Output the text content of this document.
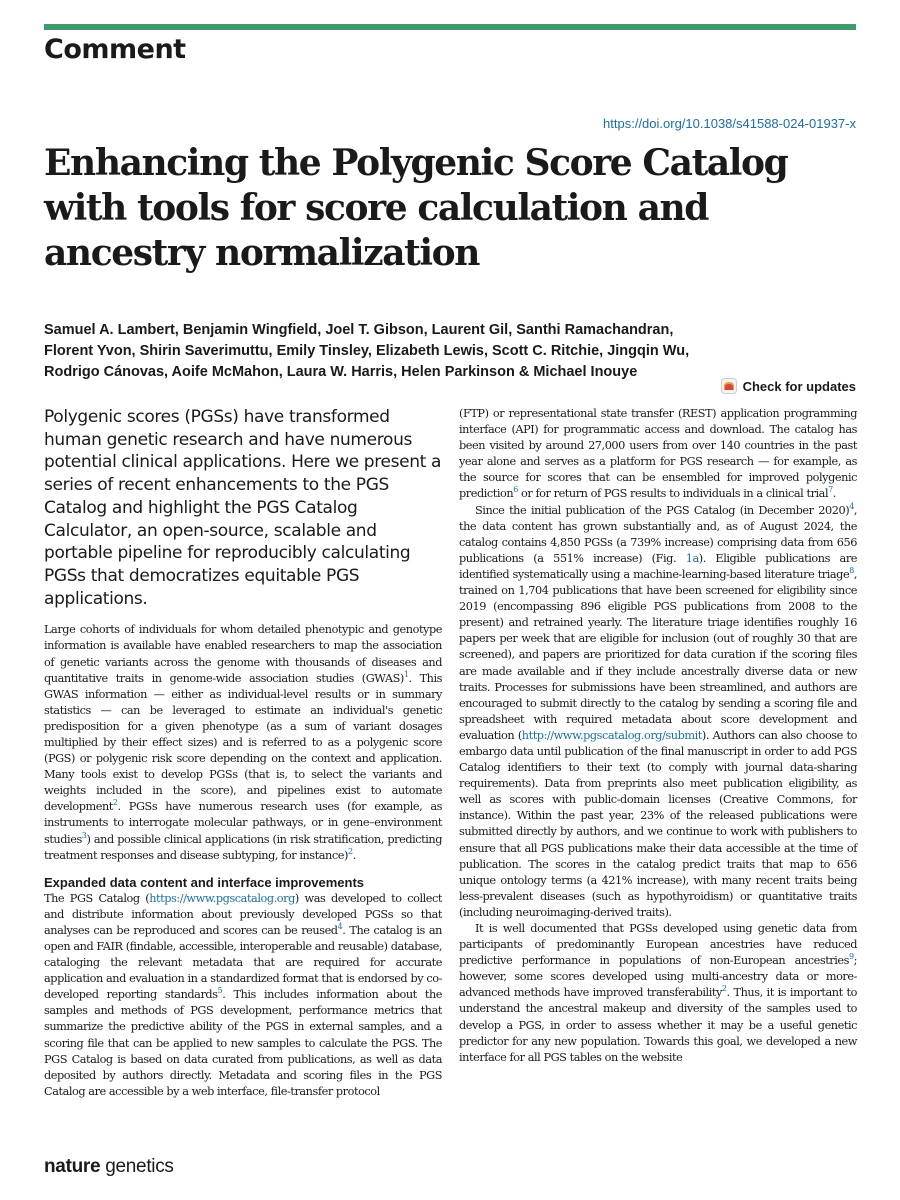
Comment
https://doi.org/10.1038/s41588-024-01937-x
Enhancing the Polygenic Score Catalog with tools for score calculation and ancestry normalization
Samuel A. Lambert, Benjamin Wingfield, Joel T. Gibson, Laurent Gil, Santhi Ramachandran, Florent Yvon, Shirin Saverimuttu, Emily Tinsley, Elizabeth Lewis, Scott C. Ritchie, Jingqin Wu, Rodrigo Cánovas, Aoife McMahon, Laura W. Harris, Helen Parkinson & Michael Inouye
Check for updates

Polygenic scores (PGSs) have transformed human genetic research and have numerous potential clinical applications. Here we present a series of recent enhancements to the PGS Catalog and highlight the PGS Catalog Calculator, an open-source, scalable and portable pipeline for reproducibly calculating PGSs that democratizes equitable PGS applications.

Large cohorts of individuals for whom detailed phenotypic and genotype information is available have enabled researchers to map the association of genetic variants across the genome with thousands of diseases and quantitative traits in genome-wide association studies (GWAS)$^1$. This GWAS information — either as individual-level results or in summary statistics — can be leveraged to estimate an individual's genetic predisposition for a given phenotype (as a sum of variant dosages multiplied by their effect sizes) and is referred to as a polygenic score (PGS) or polygenic risk score depending on the context and application. Many tools exist to develop PGSs (that is, to select the variants and weights included in the score), and pipelines exist to automate development$^2$. PGSs have numerous research uses (for example, as instruments to interrogate molecular pathways, or in gene–environment studies$^3$) and possible clinical applications (in risk stratification, predicting treatment responses and disease subtyping, for instance)$^2$.

Expanded data content and interface improvements

The PGS Catalog (https://www.pgscatalog.org) was developed to collect and distribute information about previously developed PGSs so that analyses can be reproduced and scores can be reused$^4$. The catalog is an open and FAIR (findable, accessible, interoperable and reusable) database, cataloging the relevant metadata that are required for accurate application and evaluation in a standardized format that is endorsed by co-developed reporting standards$^5$. This includes information about the samples and methods of PGS development, performance metrics that summarize the predictive ability of the PGS in external samples, and a scoring file that can be applied to new samples to calculate the PGS. The PGS Catalog is based on data curated from publications, as well as data deposited by authors directly. Metadata and scoring files in the PGS Catalog are accessible by a web interface, file-transfer protocol

(FTP) or representational state transfer (REST) application programming interface (API) for programmatic access and download. The catalog has been visited by around 27,000 users from over 140 countries in the past year alone and serves as a platform for PGS research — for example, as the source for scores that can be ensembled for improved polygenic prediction$^6$ or for return of PGS results to individuals in a clinical trial$^7$.

Since the initial publication of the PGS Catalog (in December 2020)$^4$, the data content has grown substantially and, as of August 2024, the catalog contains 4,850 PGSs (a 739% increase) comprising data from 656 publications (a 551% increase) (Fig. 1a). Eligible publications are identified systematically using a machine-learning-based literature triage$^8$, trained on 1,704 publications that have been screened for eligibility since 2019 (encompassing 896 eligible PGS publications from 2008 to the present) and retrained yearly. The literature triage identifies roughly 16 papers per week that are eligible for inclusion (out of roughly 30 that are screened), and papers are prioritized for data curation if the scoring files are made available and if they include ancestrally diverse data or new traits. Processes for submissions have been streamlined, and authors are encouraged to submit directly to the catalog by sending a scoring file and spreadsheet with required metadata about score development and evaluation (http://www.pgscatalog.org/submit). Authors can also choose to embargo data until publication of the final manuscript in order to add PGS Catalog identifiers to their text (to comply with journal data-sharing requirements). Data from preprints also meet publication eligibility, as well as scores with public-domain licenses (Creative Commons, for instance). Within the past year, 23% of the released publications were submitted directly by authors, and we continue to work with publishers to ensure that all PGS publications make their data accessible at the time of publication. The scores in the catalog predict traits that map to 656 unique ontology terms (a 421% increase), with many recent traits being less-prevalent diseases (such as hypothyroidism) or quantitative traits (including neuroimaging-derived traits).

It is well documented that PGSs developed using genetic data from participants of predominantly European ancestries have reduced predictive performance in populations of non-European ancestries$^9$; however, some scores developed using multi-ancestry data or more-advanced methods have improved transferability$^2$. Thus, it is important to understand the ancestral makeup and diversity of the samples used to develop a PGS, in order to assess whether it may be a useful genetic predictor for any new population. Towards this goal, we developed a new interface for all PGS tables on the website

nature genetics
